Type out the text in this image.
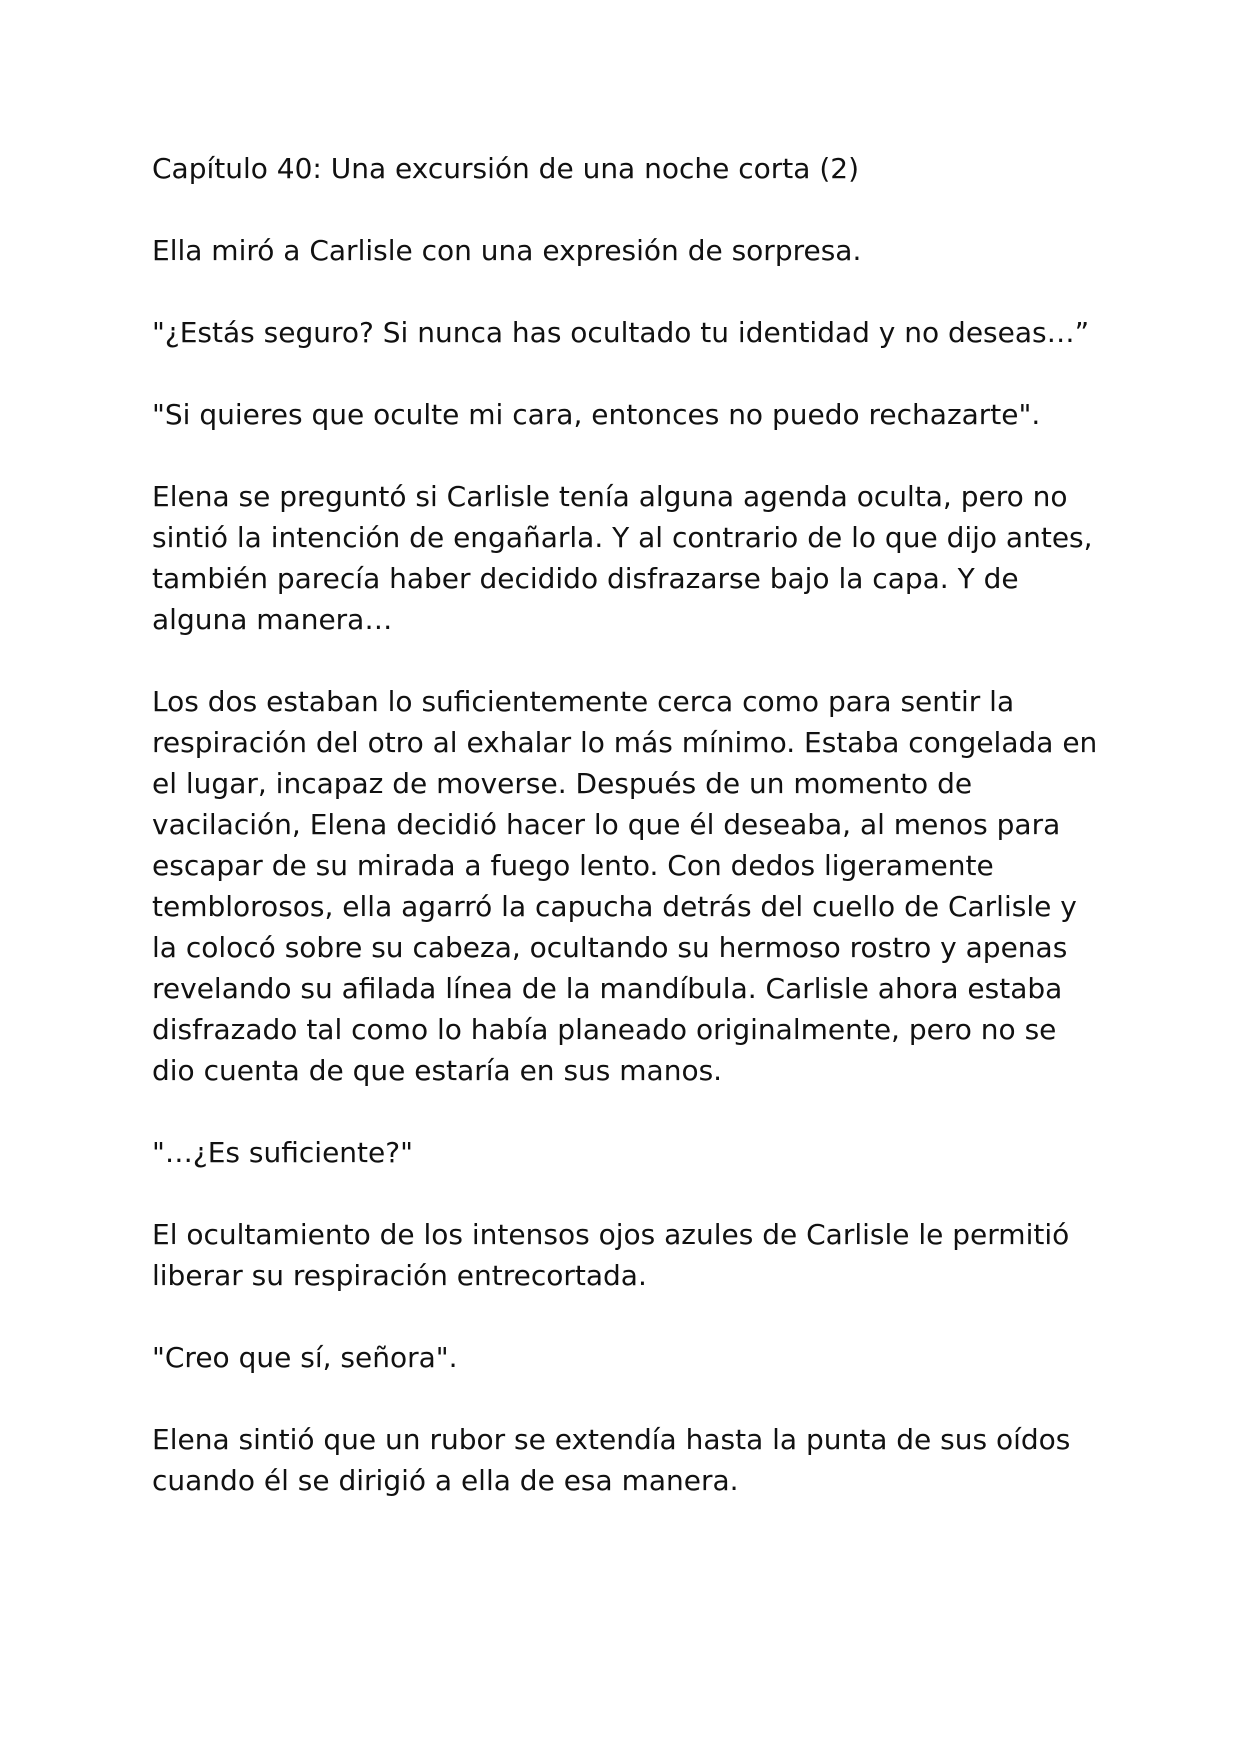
Capítulo 40: Una excursión de una noche corta (2)

Ella miró a Carlisle con una expresión de sorpresa.

"¿Estás seguro? Si nunca has ocultado tu identidad y no deseas…”

"Si quieres que oculte mi cara, entonces no puedo rechazarte".

Elena se preguntó si Carlisle tenía alguna agenda oculta, pero no sintió la intención de engañarla. Y al contrario de lo que dijo antes, también parecía haber decidido disfrazarse bajo la capa. Y de alguna manera…

Los dos estaban lo suficientemente cerca como para sentir la respiración del otro al exhalar lo más mínimo. Estaba congelada en el lugar, incapaz de moverse. Después de un momento de vacilación, Elena decidió hacer lo que él deseaba, al menos para escapar de su mirada a fuego lento. Con dedos ligeramente temblorosos, ella agarró la capucha detrás del cuello de Carlisle y la colocó sobre su cabeza, ocultando su hermoso rostro y apenas revelando su afilada línea de la mandíbula. Carlisle ahora estaba disfrazado tal como lo había planeado originalmente, pero no se dio cuenta de que estaría en sus manos.

"…¿Es suficiente?"

El ocultamiento de los intensos ojos azules de Carlisle le permitió liberar su respiración entrecortada.

"Creo que sí, señora".

Elena sintió que un rubor se extendía hasta la punta de sus oídos cuando él se dirigió a ella de esa manera.
